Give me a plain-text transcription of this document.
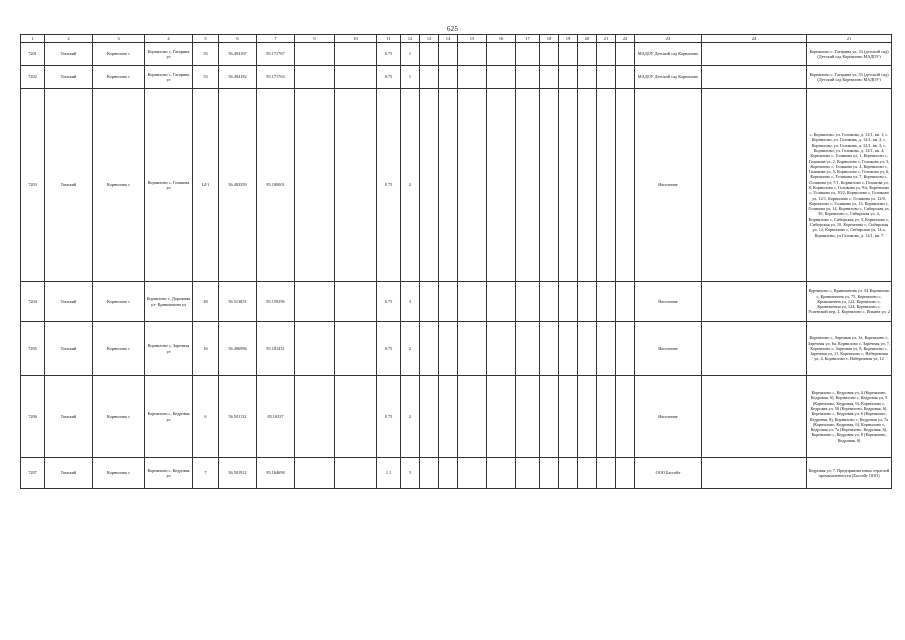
625
1	2	3	4	5	6	7	9	10	11	12	13	14	15	16	17	18	19	20	21	22	23	24	21
7201	Томский	Корнилово с	Корнилово с, Гагарина ул	33	56.494167	85.171767			0.75	1											МАДОУ Детский сад Корнилово		Корнилово с, Гагарина ул, 33 (детский сад) (Детский сад Корнилово МАДОУ)
7202	Томский	Корнилово с	Корнилово с, Гагарина ул	33	56.494182	85.171763			0.75	1											МАДОУ Детский сад Корнилово		Корнилово с, Гагарина ул, 33 (детский сад) (Детский сад Корнилово МАДОУ)
7203	Томский	Корнилово с	Корнилово с, Голикова ул	12/1	56.493359	85.180001			0.75	2											Население		с. Корнилово, ул. Голикова, д. 12/1, кв. 1, с. Корнилово, ул. Голикова, д. 12/1, кв. 2, с. Корнилово, ул. Голикова, д. 12/1, кв. 3, с. Корнилово, ул. Голикова, д. 12/1, кв. 4, Корнилово с, Голикова ул, 1, Корнилово с, Голикова ул, 2, Корнилово с, Голикова ул, 3, Корнилово с, Голикова ул, 4, Корнилово с, Голикова ул, 5, Корнилово с, Голикова ул, 6, Корнилово с, Голикова ул, 7, Корнилово с, Голикова ул, 7/1, Корнилово с, Голикова ул, 8, Корнилово с, Голикова ул, 9/а, Корнилово с, Голикова ул, 10/2, Корнилово с, Голикова ул, 12/1, Корнилово с, Голикова ул, 12/6, Корнилово с, Голикова ул, 13, Корнилово с, Голикова ул, 14, Корнилово с, Сибирская ул, 3б, Корнилово с, Сибирская ул, 4, Корнилово с, Сибирская ул, 5, Корнилово с, Сибирская ул, 10, Корнилово с, Сибирская ул, 12, Корнилово с, Сибирская ул, 14 а, Корнилово, ул Голикова, д. 12/1, кв. 7
7204	Томский	Корнилово с	Корнилово с, Дорожная ул- Кривошеина ул	48	56.513851	85.159296			0.75	3											Население		Корнилово с, Кривошеина ул, 54 Корнилово с, Кривошеина ул, 75, Корнилово с, Кривошеина ул, 122, Корнилово с, Кривошеина ул, 124, Корнилово с, Успенский пер, 2, Корнилово с, Ильина ул, 2
7205	Томский	Корнилово с	Корнилово с, Заречная ул	16	56.496986	85.181431			0.75	2											Население		Корнилово с, Заречная ул, 1а, Корнилово с, Заречная ул, 6а, Корнилово с, Заречная ул, 7, Корнилово с, Заречная ул, 8, Корнилово с, Заречная ул, 11, Корнилово с, Набережная ул, 4, Корнилово с, Набережная ул, 12
7206	Томский	Корнилово с	Корнилово с, Кедровая ул	6	56.501132	85.16337			0.75	2											Население		Корнилово с, Кедровая ул, 4 (Корнилово, Кедровая, 6), Корнилово с, Кедровая ул, 5 (Корнилово, Кедровая, 6), Корнилово с, Кедровая ул, 5б (Корнилово, Кедровая, 6), Корнилово с, Кедровая ул, 6 (Корнилово, Кедровая, 6), Корнилово с, Кедровая ул, 7а (Корнилово, Кедровая, 6), Корнилово с, Кедровая ул, 7а (Корнилово, Кедровая, 6), Корнилово с, Кедровая ул, 8 (Корнилово, Кедровая, 6)
7207	Томский	Корнилово с	Корнилово с, Кедровая ул	7	56.501912	85.164698			1.1	5											ООО Бассейт		Кедровая ул, 7, Предприятие иных отраслей промышленности (Бассейт ООО)
